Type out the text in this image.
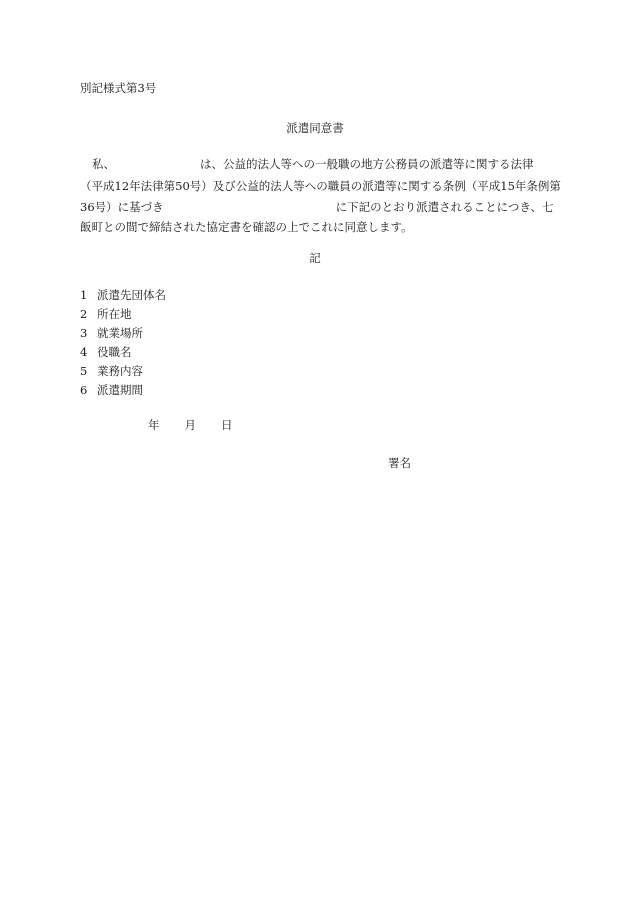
別記様式第3号
派遣同意書
私、	は、公益的法人等への一般職の地方公務員の派遣等に関する法律
（平成12年法律第50号）及び公益的法人等への職員の派遣等に関する条例（平成15年条例第
36号）に基づき	に下記のとおり派遣されることにつき、七
飯町との間で締結された協定書を確認の上でこれに同意します。
記
1 派遣先団体名
2 所在地
3 就業場所
4 役職名
5 業務内容
6 派遣期間
年 月 日
署名
